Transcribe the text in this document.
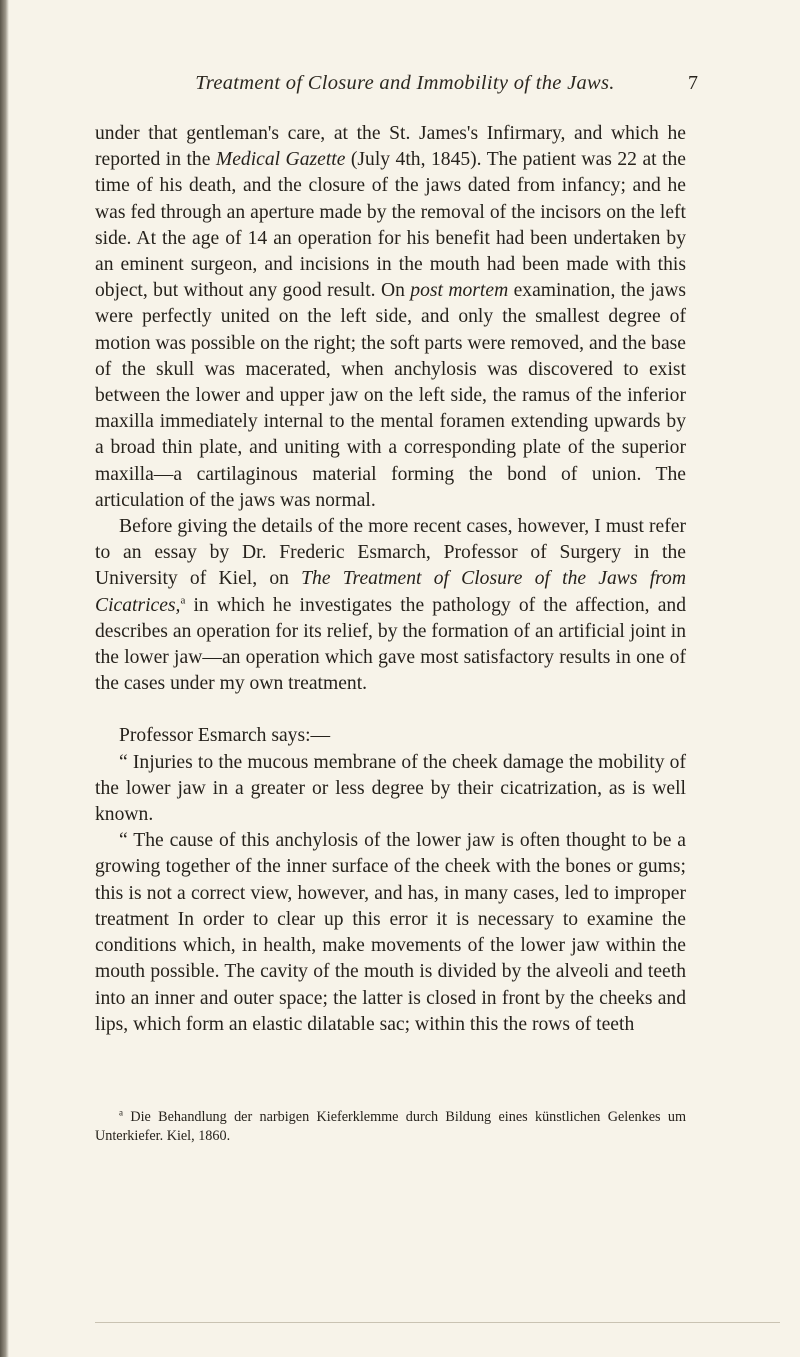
Treatment of Closure and Immobility of the Jaws.	7

under that gentleman's care, at the St. James's Infirmary, and which he reported in the Medical Gazette (July 4th, 1845). The patient was 22 at the time of his death, and the closure of the jaws dated from infancy; and he was fed through an aperture made by the removal of the incisors on the left side. At the age of 14 an operation for his benefit had been undertaken by an eminent surgeon, and incisions in the mouth had been made with this object, but without any good result. On post mortem examination, the jaws were perfectly united on the left side, and only the smallest degree of motion was possible on the right; the soft parts were removed, and the base of the skull was macerated, when anchylosis was discovered to exist between the lower and upper jaw on the left side, the ramus of the inferior maxilla immediately internal to the mental foramen extending upwards by a broad thin plate, and uniting with a corresponding plate of the superior maxilla—a cartilaginous material forming the bond of union. The articulation of the jaws was normal.

Before giving the details of the more recent cases, however, I must refer to an essay by Dr. Frederic Esmarch, Professor of Surgery in the University of Kiel, on The Treatment of Closure of the Jaws from Cicatrices,$^a$ in which he investigates the pathology of the affection, and describes an operation for its relief, by the formation of an artificial joint in the lower jaw—an operation which gave most satisfactory results in one of the cases under my own treatment.

Professor Esmarch says:—

“ Injuries to the mucous membrane of the cheek damage the mobility of the lower jaw in a greater or less degree by their cicatrization, as is well known.

“ The cause of this anchylosis of the lower jaw is often thought to be a growing together of the inner surface of the cheek with the bones or gums; this is not a correct view, however, and has, in many cases, led to improper treatment In order to clear up this error it is necessary to examine the conditions which, in health, make movements of the lower jaw within the mouth possible. The cavity of the mouth is divided by the alveoli and teeth into an inner and outer space; the latter is closed in front by the cheeks and lips, which form an elastic dilatable sac; within this the rows of teeth

$^a$ Die Behandlung der narbigen Kieferklemme durch Bildung eines künstlichen Gelenkes um Unterkiefer. Kiel, 1860.
